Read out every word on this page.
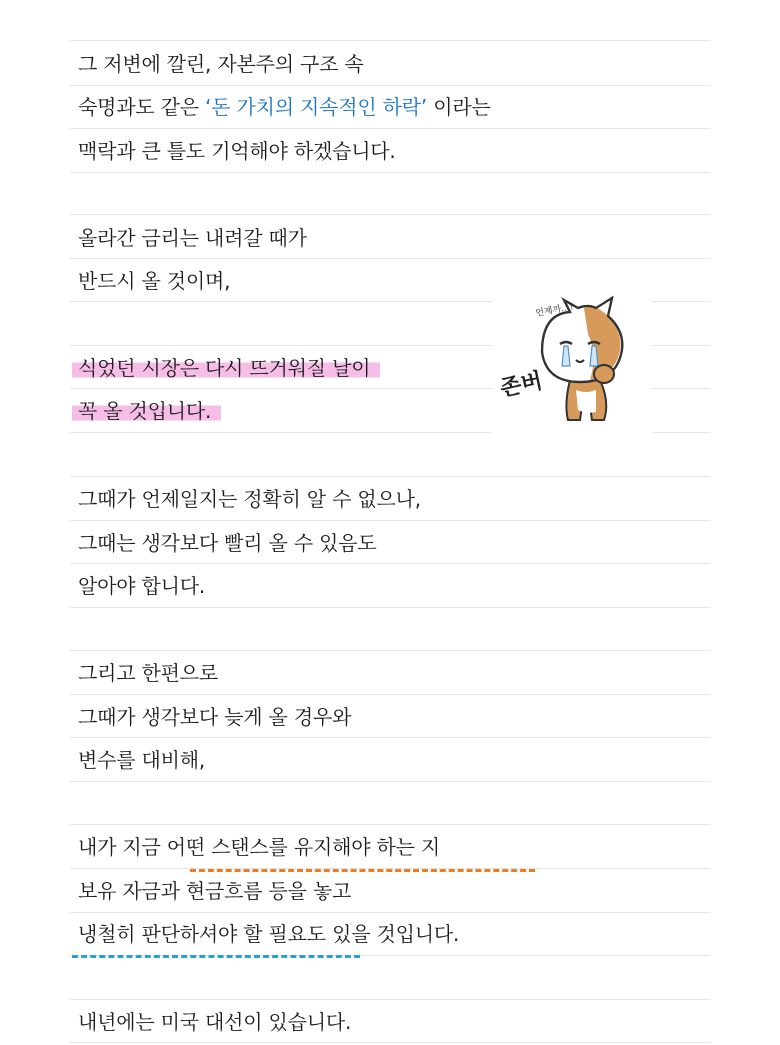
그 저변에 깔린, 자본주의 구조 속
숙명과도 같은 ‘돈 가치의 지속적인 하락’ 이라는
맥락과 큰 틀도 기억해야 하겠습니다.
올라간 금리는 내려갈 때가
반드시 올 것이며,
식었던 시장은 다시 뜨거워질 날이
꼭 올 것입니다.
그때가 언제일지는 정확히 알 수 없으나,
그때는 생각보다 빨리 올 수 있음도
알아야 합니다.
그리고 한편으로
그때가 생각보다 늦게 올 경우와
변수를 대비해,
내가 지금 어떤 스탠스를 유지해야 하는 지
보유 자금과 현금흐름 등을 놓고
냉철히 판단하셔야 할 필요도 있을 것입니다.
내년에는 미국 대선이 있습니다.
언제까...!
존버
